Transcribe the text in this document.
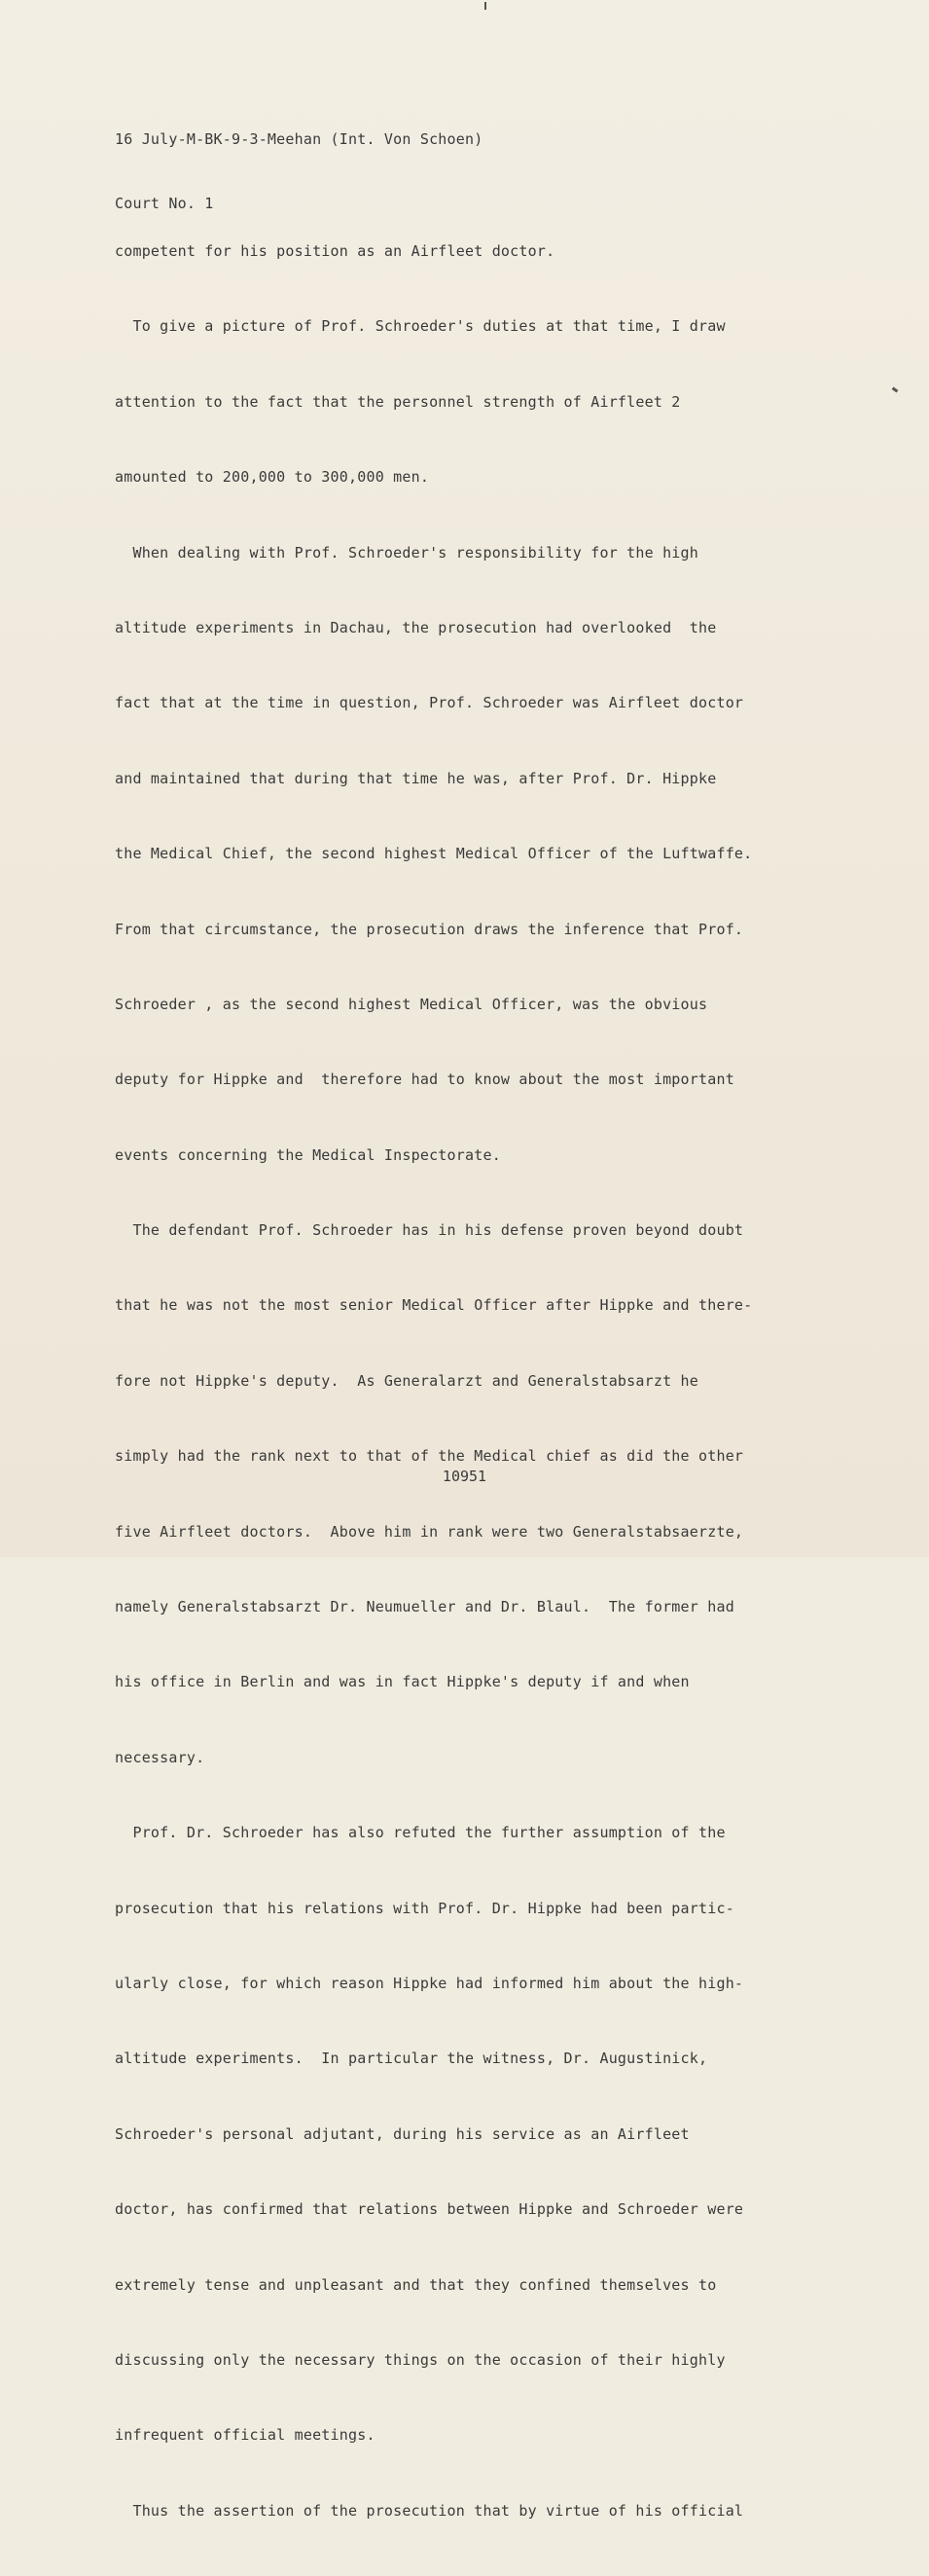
16 July-M-BK-9-3-Meehan (Int. Von Schoen)

Court No. 1

competent for his position as an Airfleet doctor.

To give a picture of Prof. Schroeder's duties at that time, I draw

attention to the fact that the personnel strength of Airfleet 2

amounted to 200,000 to 300,000 men.

When dealing with Prof. Schroeder's responsibility for the high

altitude experiments in Dachau, the prosecution had overlooked  the

fact that at the time in question, Prof. Schroeder was Airfleet doctor

and maintained that during that time he was, after Prof. Dr. Hippke

the Medical Chief, the second highest Medical Officer of the Luftwaffe.

From that circumstance, the prosecution draws the inference that Prof.

Schroeder , as the second highest Medical Officer, was the obvious

deputy for Hippke and  therefore had to know about the most important

events concerning the Medical Inspectorate.

The defendant Prof. Schroeder has in his defense proven beyond doubt

that he was not the most senior Medical Officer after Hippke and there-

fore not Hippke's deputy.  As Generalarzt and Generalstabsarzt he

simply had the rank next to that of the Medical chief as did the other

five Airfleet doctors.  Above him in rank were two Generalstabsaerzte,

namely Generalstabsarzt Dr. Neumueller and Dr. Blaul.  The former had

his office in Berlin and was in fact Hippke's deputy if and when

necessary.

Prof. Dr. Schroeder has also refuted the further assumption of the

prosecution that his relations with Prof. Dr. Hippke had been partic-

ularly close, for which reason Hippke had informed him about the high-

altitude experiments.  In particular the witness, Dr. Augustinick,

Schroeder's personal adjutant, during his service as an Airfleet

doctor, has confirmed that relations between Hippke and Schroeder were

extremely tense and unpleasant and that they confined themselves to

discussing only the necessary things on the occasion of their highly

infrequent official meetings.

Thus the assertion of the prosecution that by virtue of his official

10951
